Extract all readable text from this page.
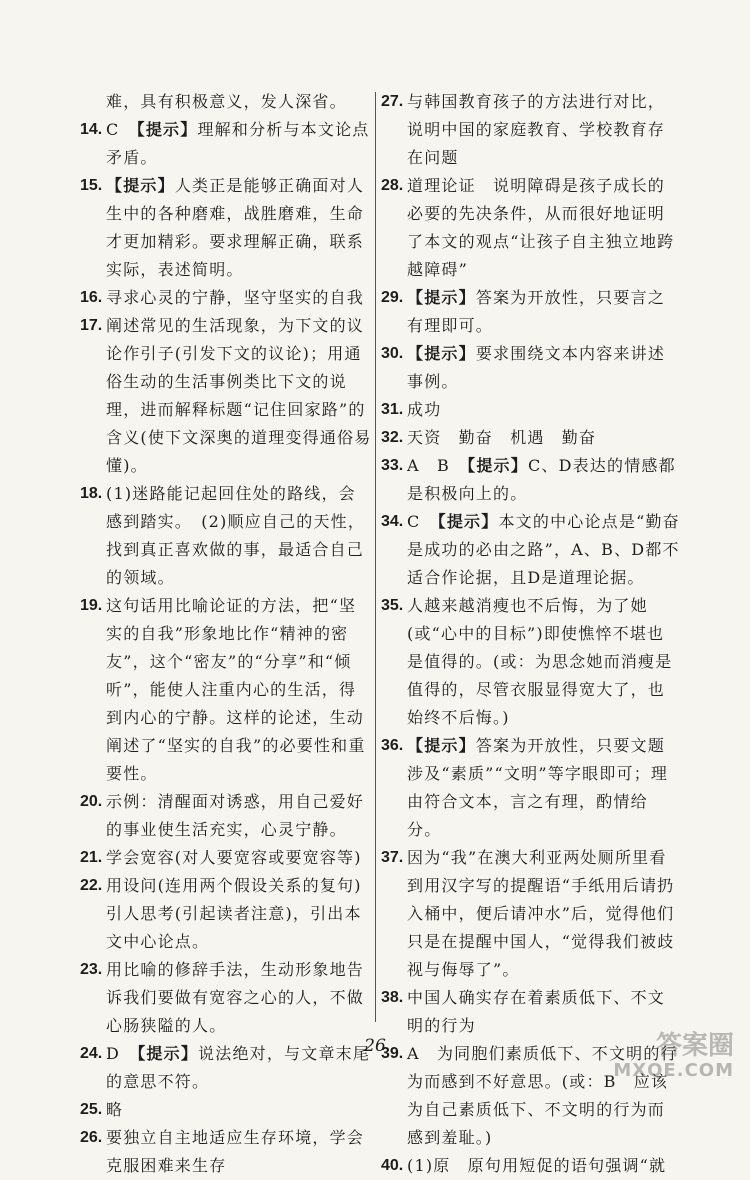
难，具有积极意义，发人深省。
14. C　【提示】理解和分析与本文论点矛盾。
15. 【提示】人类正是能够正确面对人生中的各种磨难，战胜磨难，生命才更加精彩。要求理解正确，联系实际，表述简明。
16. 寻求心灵的宁静，坚守坚实的自我
17. 阐述常见的生活现象，为下文的议论作引子(引发下文的议论)；用通俗生动的生活事例类比下文的说理，进而解释标题“记住回家路”的含义(使下文深奥的道理变得通俗易懂)。
18. (1)迷路能记起回住处的路线，会感到踏实。　(2)顺应自己的天性，找到真正喜欢做的事，最适合自己的领域。
19. 这句话用比喻论证的方法，把“坚实的自我”形象地比作“精神的密友”，这个“密友”的“分享”和“倾听”，能使人注重内心的生活，得到内心的宁静。这样的论述，生动阐述了“坚实的自我”的必要性和重要性。
20. 示例：清醒面对诱惑，用自己爱好的事业使生活充实，心灵宁静。
21. 学会宽容(对人要宽容或要宽容等)
22. 用设问(连用两个假设关系的复句)引人思考(引起读者注意)，引出本文中心论点。
23. 用比喻的修辞手法，生动形象地告诉我们要做有宽容之心的人，不做心肠狭隘的人。
24. D　【提示】说法绝对，与文章末尾的意思不符。
25. 略
26. 要独立自主地适应生存环境，学会克服困难来生存
27. 与韩国教育孩子的方法进行对比，说明中国的家庭教育、学校教育存在问题
28. 道理论证　说明障碍是孩子成长的必要的先决条件，从而很好地证明了本文的观点“让孩子自主独立地跨越障碍”
29. 【提示】答案为开放性，只要言之有理即可。
30. 【提示】要求围绕文本内容来讲述事例。
31. 成功
32. 天资　勤奋　机遇　勤奋
33. A　B　【提示】C、D表达的情感都是积极向上的。
34. C　【提示】本文的中心论点是“勤奋是成功的必由之路”，A、B、D都不适合作论据，且D是道理论据。
35. 人越来越消瘦也不后悔，为了她(或“心中的目标”)即使憔悴不堪也是值得的。(或：为思念她而消瘦是值得的，尽管衣服显得宽大了，也始终不后悔。)
36. 【提示】答案为开放性，只要文题涉及“素质”“文明”等字眼即可；理由符合文本，言之有理，酌情给分。
37. 因为“我”在澳大利亚两处厕所里看到用汉字写的提醒语“手纸用后请扔入桶中，便后请冲水”后，觉得他们只是在提醒中国人，“觉得我们被歧视与侮辱了”。
38. 中国人确实存在着素质低下、不文明的行为
39. A　为同胞们素质低下、不文明的行为而感到不好意思。(或：B　应该为自己素质低下、不文明的行为而感到羞耻。)
40. (1)原　原句用短促的语句强调“就
26	答案圈
MXQE.COM
